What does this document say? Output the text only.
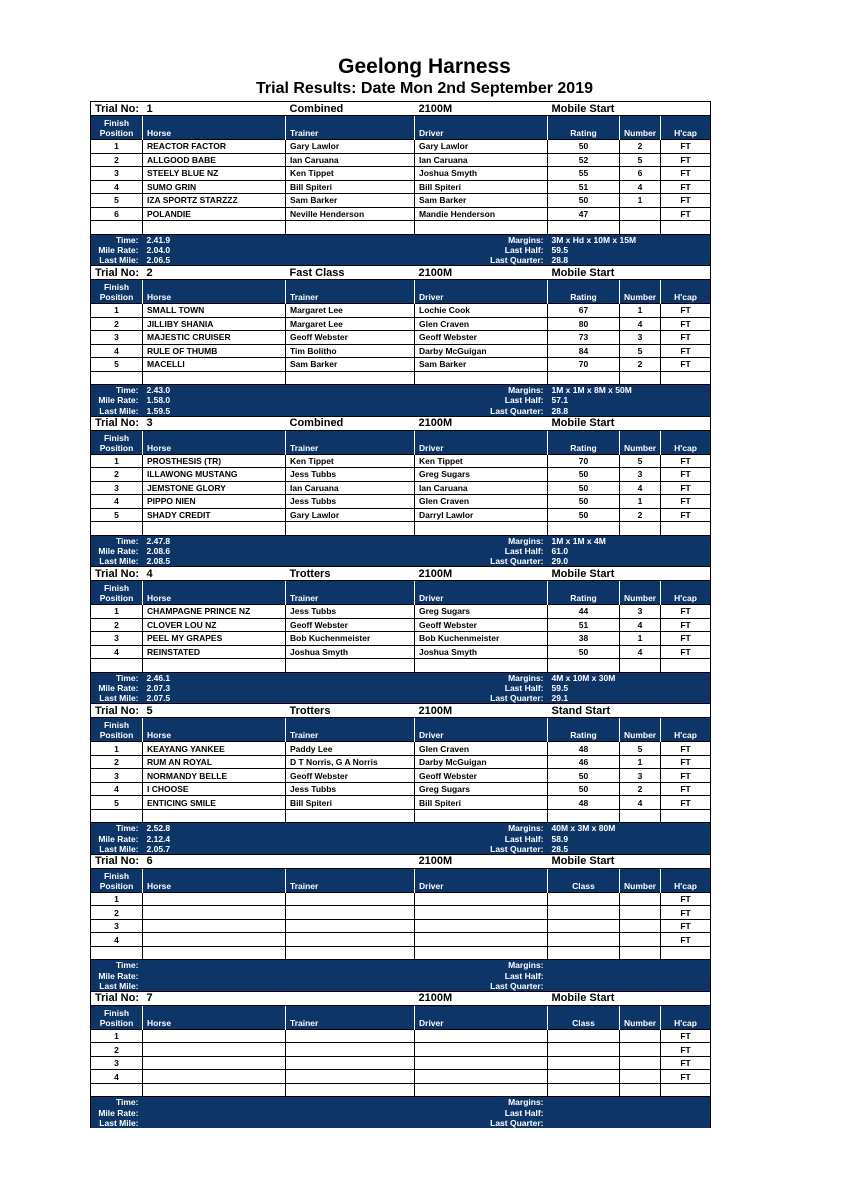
Geelong Harness
Trial Results: Date Mon 2nd September 2019
Trial No:	1	Combined	2100M	Mobile Start		

Finish
Position	Horse	Trainer	Driver	Rating	Number	H'cap
1	REACTOR FACTOR	Gary Lawlor	Gary Lawlor	50	2	FT
2	ALLGOOD BABE	Ian Caruana	Ian Caruana	52	5	FT
3	STEELY BLUE NZ	Ken Tippet	Joshua Smyth	55	6	FT
4	SUMO GRIN	Bill Spiteri	Bill Spiteri	51	4	FT
5	IZA SPORTZ STARZZZ	Sam Barker	Sam Barker	50	1	FT
6	POLANDIE	Neville Henderson	Mandie Henderson	47		FT

Time:	2.41.9	Margins:		3M x Hd x 10M x 15M		
Mile Rate:	2.04.0	Last Half:		59.5		
Last Mile:	2.06.5	Last Quarter:		28.8		
Trial No:	2	Fast Class	2100M	Mobile Start		

Finish
Position	Horse	Trainer	Driver	Rating	Number	H'cap
1	SMALL TOWN	Margaret Lee	Lochie Cook	67	1	FT
2	JILLIBY SHANIA	Margaret Lee	Glen Craven	80	4	FT
3	MAJESTIC CRUISER	Geoff Webster	Geoff Webster	73	3	FT
4	RULE OF THUMB	Tim Bolitho	Darby McGuigan	84	5	FT
5	MACELLI	Sam Barker	Sam Barker	70	2	FT

Time:	2.43.0	Margins:		1M x 1M x 8M x 50M		
Mile Rate:	1.58.0	Last Half:		57.1		
Last Mile:	1.59.5	Last Quarter:		28.8		
Trial No:	3	Combined	2100M	Mobile Start		

Finish
Position	Horse	Trainer	Driver	Rating	Number	H'cap
1	PROSTHESIS (TR)	Ken Tippet	Ken Tippet	70	5	FT
2	ILLAWONG MUSTANG	Jess Tubbs	Greg Sugars	50	3	FT
3	JEMSTONE GLORY	Ian Caruana	Ian Caruana	50	4	FT
4	PIPPO NIEN	Jess Tubbs	Glen Craven	50	1	FT
5	SHADY CREDIT	Gary Lawlor	Darryl Lawlor	50	2	FT

Time:	2.47.8	Margins:		1M x 1M x 4M		
Mile Rate:	2.08.6	Last Half:		61.0		
Last Mile:	2.08.5	Last Quarter:		29.0		
Trial No:	4	Trotters	2100M	Mobile Start		

Finish
Position	Horse	Trainer	Driver	Rating	Number	H'cap
1	CHAMPAGNE PRINCE NZ	Jess Tubbs	Greg Sugars	44	3	FT
2	CLOVER LOU NZ	Geoff Webster	Geoff Webster	51	4	FT
3	PEEL MY GRAPES	Bob Kuchenmeister	Bob Kuchenmeister	38	1	FT
4	REINSTATED	Joshua Smyth	Joshua Smyth	50	4	FT

Time:	2.46.1	Margins:		4M x 10M x 30M		
Mile Rate:	2.07.3	Last Half:		59.5		
Last Mile:	2.07.5	Last Quarter:		29.1		
Trial No:	5	Trotters	2100M	Stand Start		

Finish
Position	Horse	Trainer	Driver	Rating	Number	H'cap
1	KEAYANG YANKEE	Paddy Lee	Glen Craven	48	5	FT
2	RUM AN ROYAL	D T Norris, G A Norris	Darby McGuigan	46	1	FT
3	NORMANDY BELLE	Geoff Webster	Geoff Webster	50	3	FT
4	I CHOOSE	Jess Tubbs	Greg Sugars	50	2	FT
5	ENTICING SMILE	Bill Spiteri	Bill Spiteri	48	4	FT

Time:	2.52.8	Margins:		40M x 3M x 80M		
Mile Rate:	2.12.4	Last Half:		58.9		
Last Mile:	2.05.7	Last Quarter:		28.5		
Trial No:	6		2100M	Mobile Start		

Finish
Position	Horse	Trainer	Driver	Class	Number	H'cap
1						FT
2						FT
3						FT
4						FT

Time:		Margins:				
Mile Rate:		Last Half:				
Last Mile:		Last Quarter:				
Trial No:	7		2100M	Mobile Start		

Finish
Position	Horse	Trainer	Driver	Class	Number	H'cap
1						FT
2						FT
3						FT
4						FT

Time:		Margins:				
Mile Rate:		Last Half:				
Last Mile:		Last Quarter:				
